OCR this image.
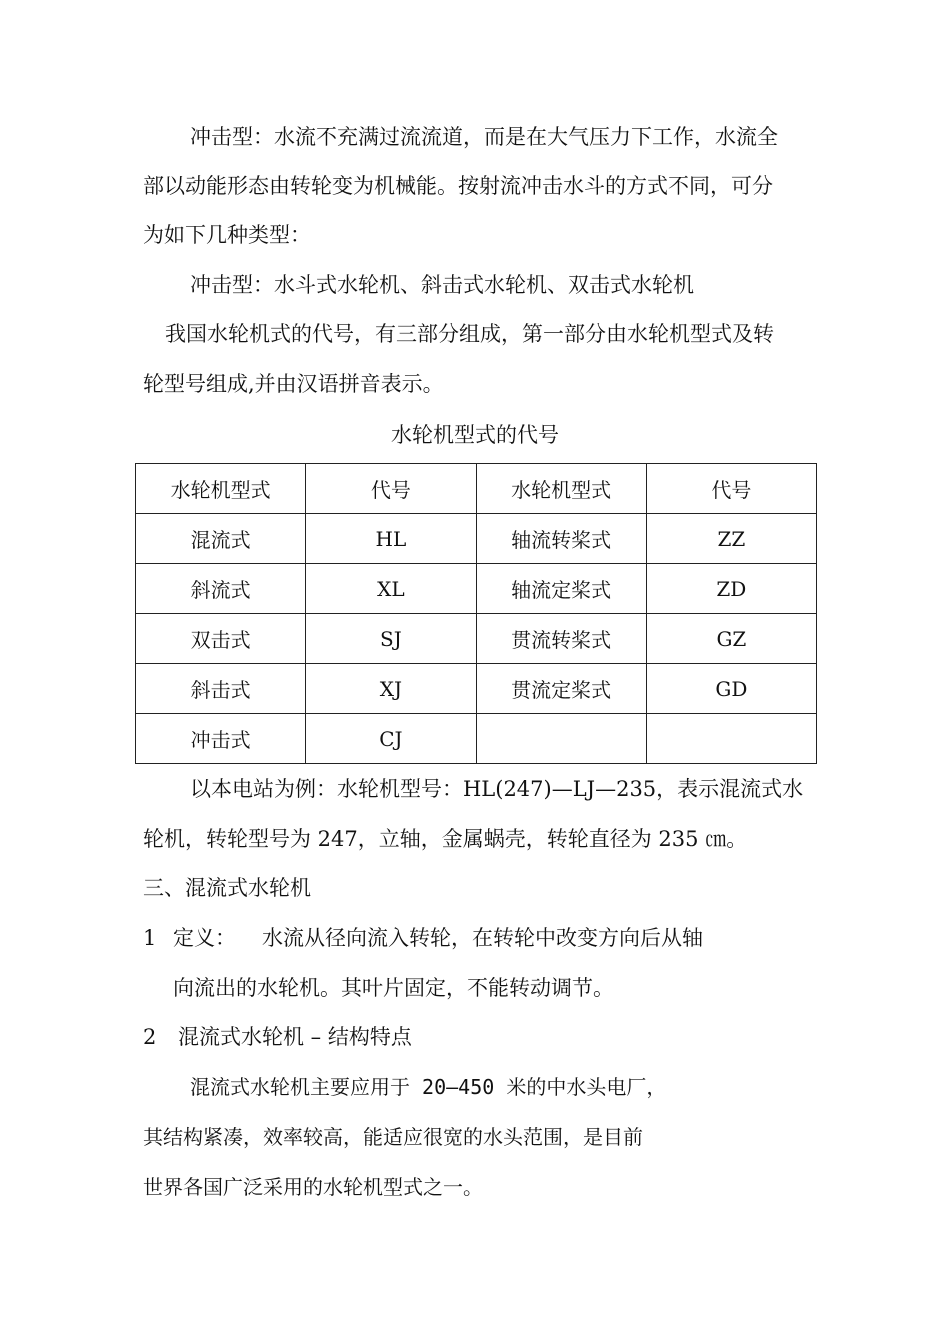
冲击型：水流不充满过流流道，而是在大气压力下工作，水流全
部以动能形态由转轮变为机械能。按射流冲击水斗的方式不同，可分
为如下几种类型：
冲击型：水斗式水轮机、斜击式水轮机、双击式水轮机
我国水轮机式的代号，有三部分组成，第一部分由水轮机型式及转
轮型号组成,并由汉语拼音表示。
水轮机型式的代号
水轮机型式	代号	水轮机型式	代号
混流式	HL	轴流转桨式	ZZ
斜流式	XL	轴流定桨式	ZD
双击式	SJ	贯流转桨式	GZ
斜击式	XJ	贯流定桨式	GD
冲击式	CJ		
以本电站为例：水轮机型号：HL(247)—LJ—235，表示混流式水
轮机，转轮型号为 247，立轴，金属蜗壳，转轮直径为 235 ㎝。
三、混流式水轮机
1 定义： 水流从径向流入转轮，在转轮中改变方向后从轴
向流出的水轮机。其叶片固定，不能转动调节。
2 混流式水轮机 – 结构特点
混流式水轮机主要应用于 20—450 米的中水头电厂，
其结构紧凑，效率较高，能适应很宽的水头范围，是目前
世界各国广泛采用的水轮机型式之一。
